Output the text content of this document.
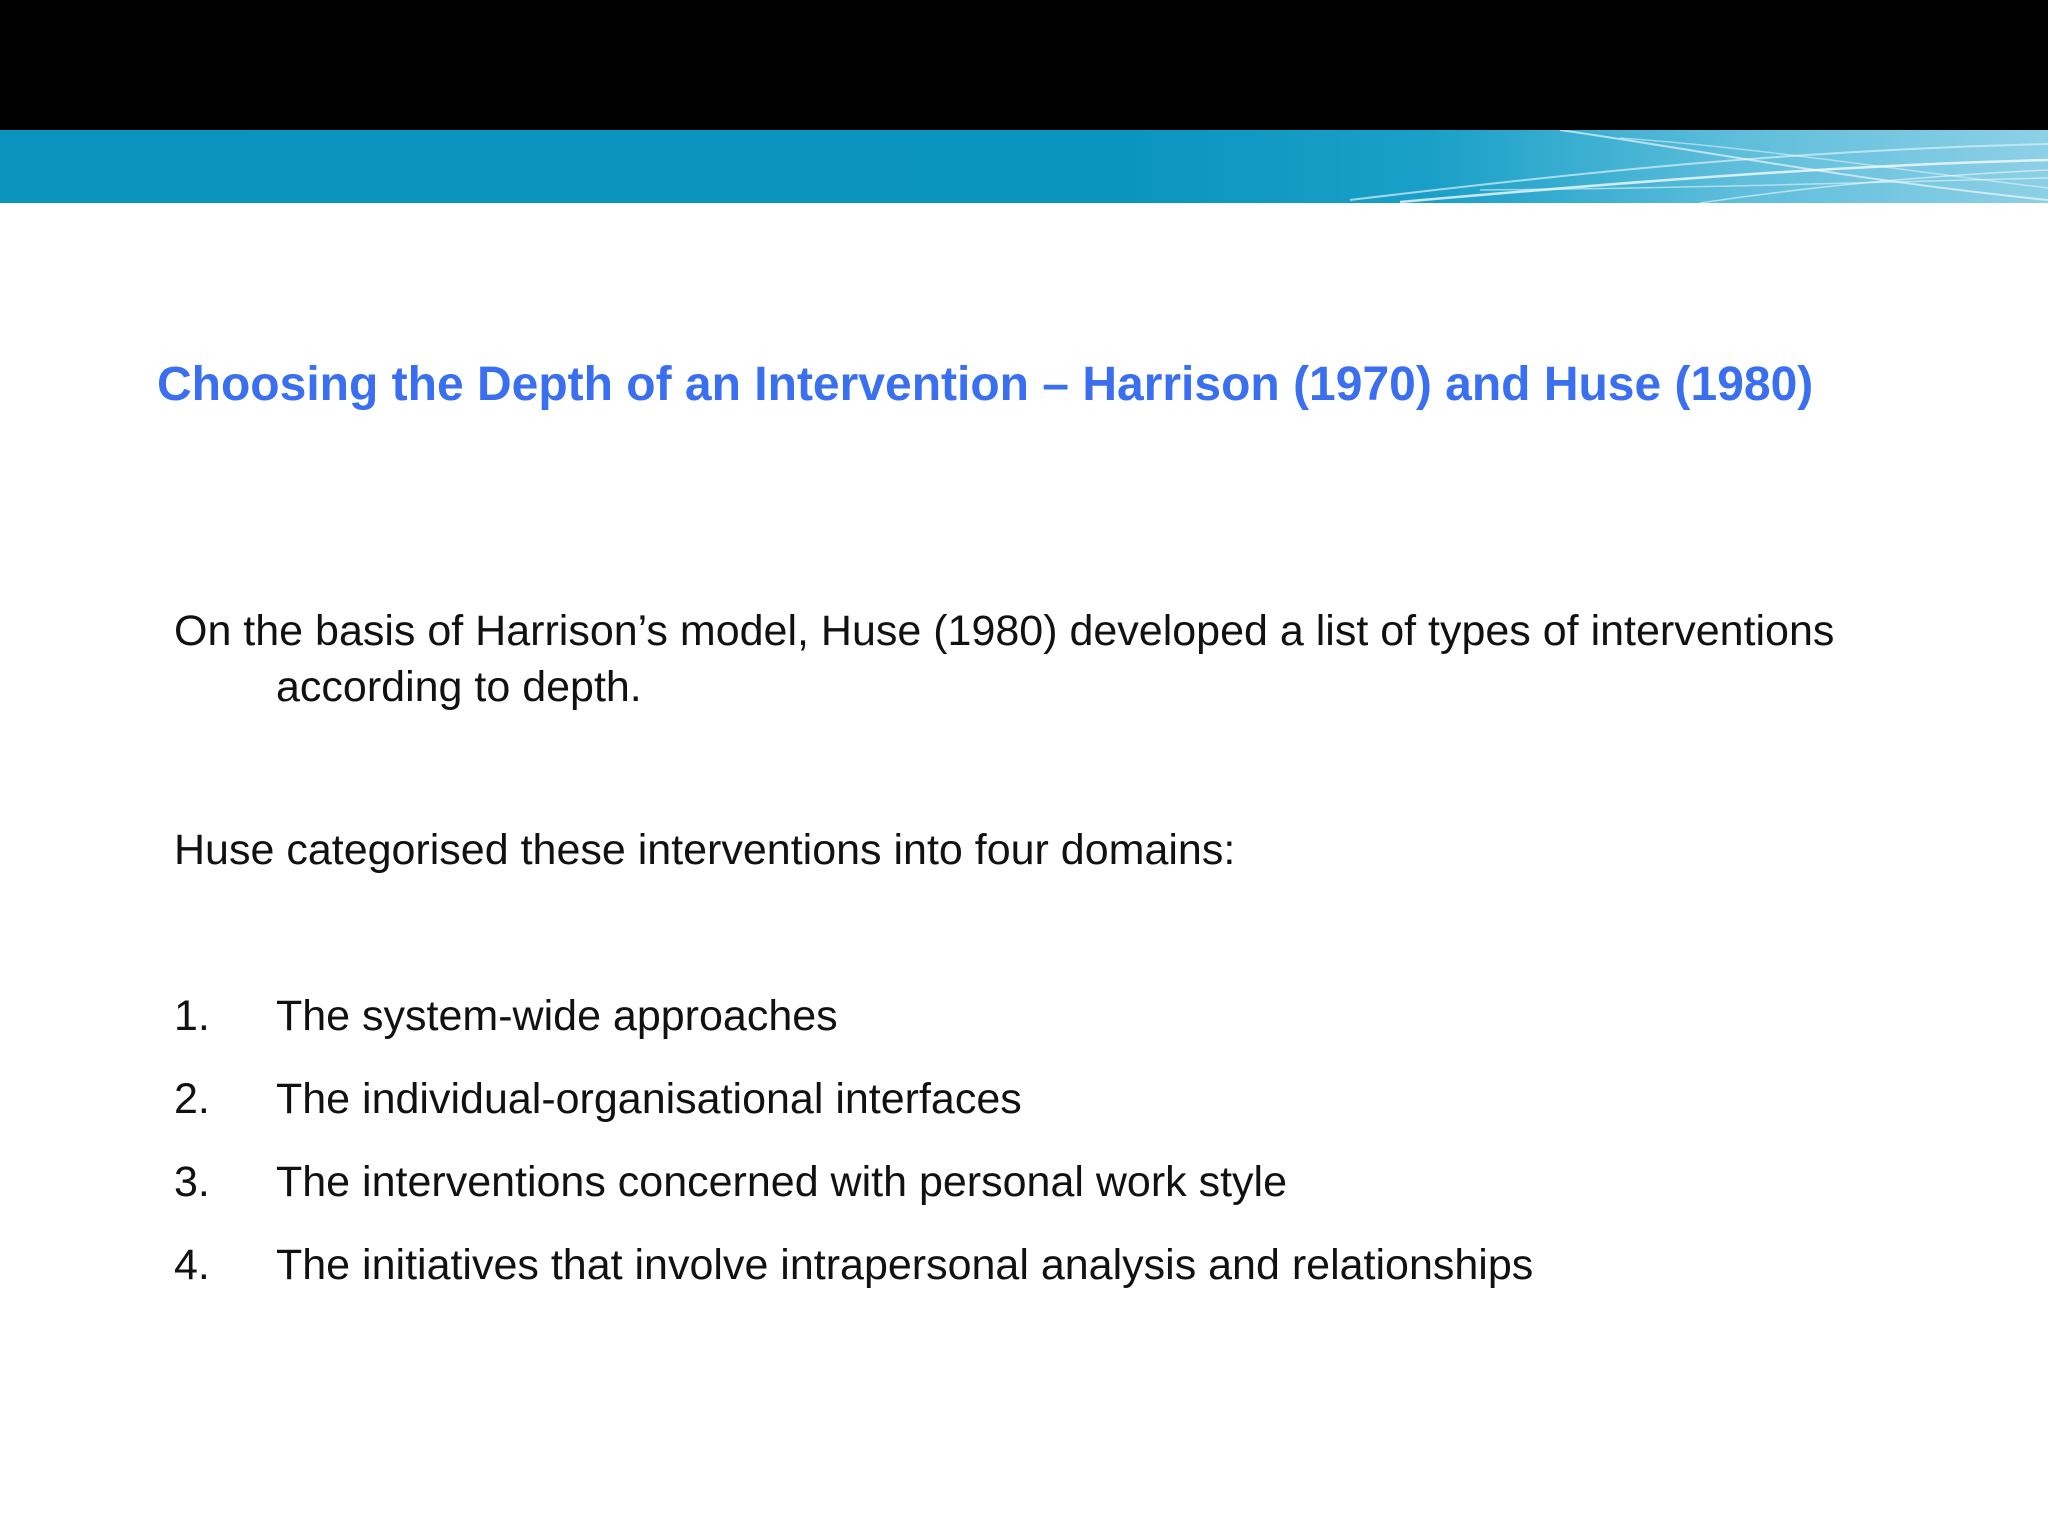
Choosing the Depth of an Intervention – Harrison (1970) and Huse (1980)

On the basis of Harrison’s model, Huse (1980) developed a list of types of interventions according to depth.

Huse categorised these interventions into four domains:

1.	The system-wide approaches
2.	The individual-organisational interfaces
3.	The interventions concerned with personal work style
4.	The initiatives that involve intrapersonal analysis and relationships
